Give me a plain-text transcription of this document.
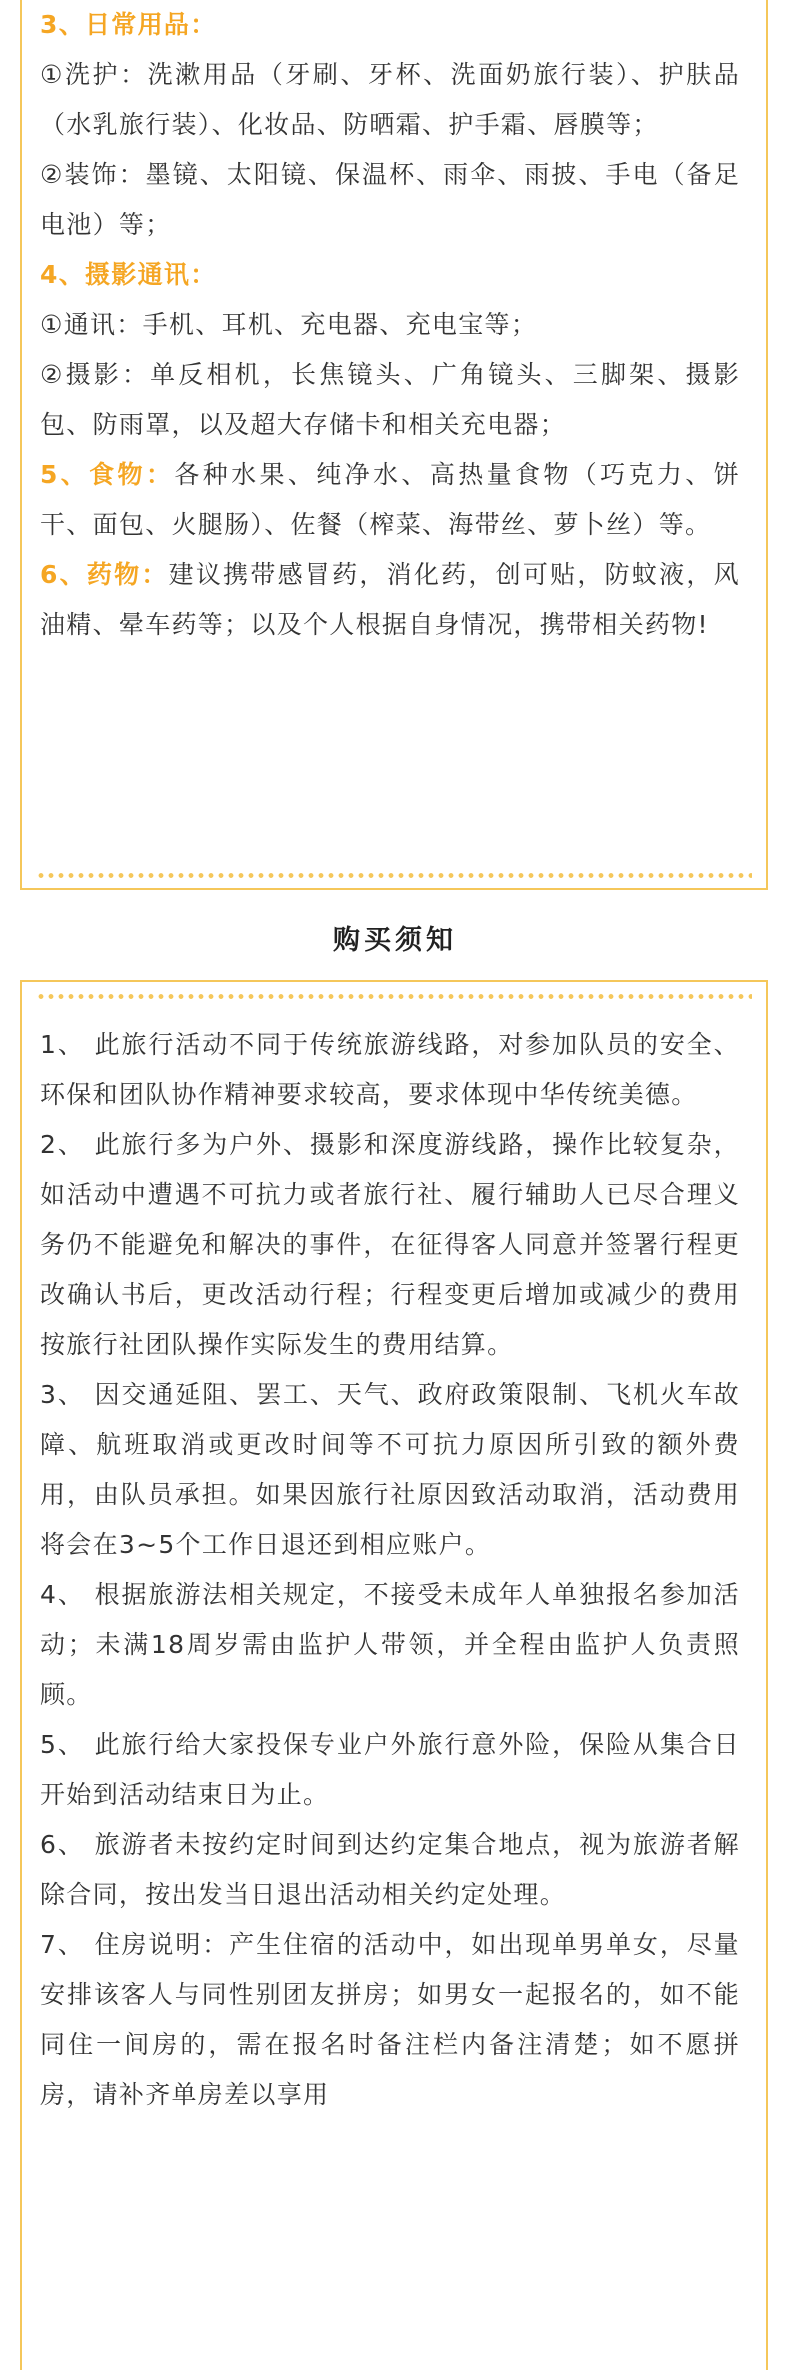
3、日常用品：

①洗护：洗漱用品（牙刷、牙杯、洗面奶旅行装）、护肤品（水乳旅行装）、化妆品、防晒霜、护手霜、唇膜等；

②装饰：墨镜、太阳镜、保温杯、雨伞、雨披、手电（备足电池）等；

4、摄影通讯：

①通讯：手机、耳机、充电器、充电宝等；

②摄影：单反相机，长焦镜头、广角镜头、三脚架、摄影包、防雨罩，以及超大存储卡和相关充电器；

5、食物：各种水果、纯净水、高热量食物（巧克力、饼干、面包、火腿肠）、佐餐（榨菜、海带丝、萝卜丝）等。

6、药物：建议携带感冒药，消化药，创可贴，防蚊液，风油精、晕车药等；以及个人根据自身情况，携带相关药物!

购买须知

1、 此旅行活动不同于传统旅游线路，对参加队员的安全、环保和团队协作精神要求较高，要求体现中华传统美德。

2、 此旅行多为户外、摄影和深度游线路，操作比较复杂，如活动中遭遇不可抗力或者旅行社、履行辅助人已尽合理义务仍不能避免和解决的事件，在征得客人同意并签署行程更改确认书后，更改活动行程；行程变更后增加或减少的费用按旅行社团队操作实际发生的费用结算。

3、 因交通延阻、罢工、天气、政府政策限制、飞机火车故障、航班取消或更改时间等不可抗力原因所引致的额外费用，由队员承担。如果因旅行社原因致活动取消，活动费用将会在3~5个工作日退还到相应账户。

4、 根据旅游法相关规定，不接受未成年人单独报名参加活动；未满18周岁需由监护人带领，并全程由监护人负责照顾。

5、 此旅行给大家投保专业户外旅行意外险，保险从集合日开始到活动结束日为止。

6、 旅游者未按约定时间到达约定集合地点，视为旅游者解除合同，按出发当日退出活动相关约定处理。

7、 住房说明：产生住宿的活动中，如出现单男单女，尽量安排该客人与同性别团友拼房；如男女一起报名的，如不能同住一间房的，需在报名时备注栏内备注清楚；如不愿拼房，请补齐单房差以享用
